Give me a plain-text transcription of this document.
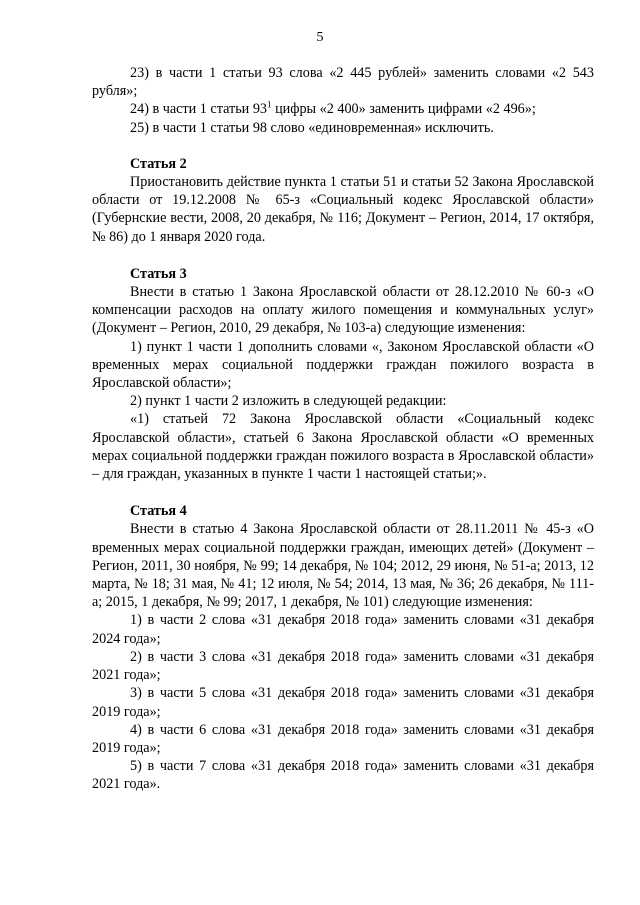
5

23) в части 1 статьи 93 слова «2 445 рублей» заменить словами «2 543 рубля»;

24) в части 1 статьи $93^1$ цифры «2 400» заменить цифрами «2 496»;

25) в части 1 статьи 98 слово «единовременная» исключить.

Статья 2

Приостановить действие пункта 1 статьи 51 и статьи 52 Закона Ярославской области от 19.12.2008 № 65-з «Социальный кодекс Ярославской области» (Губернские вести, 2008, 20 декабря, № 116; Документ – Регион, 2014, 17 октября, № 86) до 1 января 2020 года.

Статья 3

Внести в статью 1 Закона Ярославской области от 28.12.2010 № 60-з «О компенсации расходов на оплату жилого помещения и коммунальных услуг» (Документ – Регион, 2010, 29 декабря, № 103-а) следующие изменения:

1) пункт 1 части 1 дополнить словами «, Законом Ярославской области «О временных мерах социальной поддержки граждан пожилого возраста в Ярославской области»;

2) пункт 1 части 2 изложить в следующей редакции:

«1) статьей 72 Закона Ярославской области «Социальный кодекс Ярославской области», статьей 6 Закона Ярославской области «О временных мерах социальной поддержки граждан пожилого возраста в Ярославской области» – для граждан, указанных в пункте 1 части 1 настоящей статьи;».

Статья 4

Внести в статью 4 Закона Ярославской области от 28.11.2011 № 45-з «О временных мерах социальной поддержки граждан, имеющих детей» (Документ – Регион, 2011, 30 ноября, № 99; 14 декабря, № 104; 2012, 29 июня, № 51-а; 2013, 12 марта, № 18; 31 мая, № 41; 12 июля, № 54; 2014, 13 мая, № 36; 26 декабря, № 111-а; 2015, 1 декабря, № 99; 2017, 1 декабря, № 101) следующие изменения:

1) в части 2 слова «31 декабря 2018 года» заменить словами «31 декабря 2024 года»;

2) в части 3 слова «31 декабря 2018 года» заменить словами «31 декабря 2021 года»;

3) в части 5 слова «31 декабря 2018 года» заменить словами «31 декабря 2019 года»;

4) в части 6 слова «31 декабря 2018 года» заменить словами «31 декабря 2019 года»;

5) в части 7 слова «31 декабря 2018 года» заменить словами «31 декабря 2021 года».
